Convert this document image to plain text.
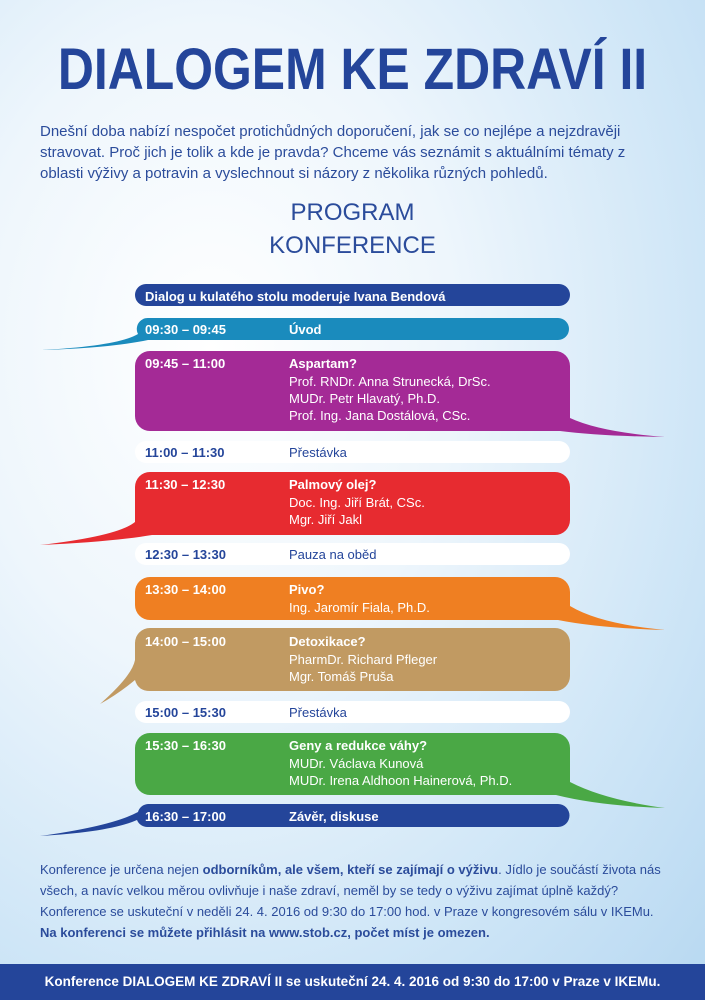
DIALOGEM KE ZDRAVÍ II
Dnešní doba nabízí nespočet protichůdných doporučení, jak se co nejlépe a nejzdravěji stravovat. Proč jich je tolik a kde je pravda? Chceme vás seznámit s aktuálními tématy z oblasti výživy a potravin a vyslechnout si názory z několika různých pohledů.
PROGRAM
KONFERENCE
Dialog u kulatého stolu moderuje Ivana Bendová
09:30 – 09:45	Úvod
09:45 – 11:00	Aspartam?
Prof. RNDr. Anna Strunecká, DrSc.
MUDr. Petr Hlavatý, Ph.D.
Prof. Ing. Jana Dostálová, CSc.
11:00 – 11:30	Přestávka
11:30 – 12:30	Palmový olej?
Doc. Ing. Jiří Brát, CSc.
Mgr. Jiří Jakl
12:30 – 13:30	Pauza na oběd
13:30 – 14:00	Pivo?
Ing. Jaromír Fiala, Ph.D.
14:00 – 15:00	Detoxikace?
PharmDr. Richard Pfleger
Mgr. Tomáš Pruša
15:00 – 15:30	Přestávka
15:30 – 16:30	Geny a redukce váhy?
MUDr. Václava Kunová
MUDr. Irena Aldhoon Hainerová, Ph.D.
16:30 – 17:00	Závěr, diskuse
Konference je určena nejen odborníkům, ale všem, kteří se zajímají o výživu. Jídlo je součástí života nás všech, a navíc velkou měrou ovlivňuje i naše zdraví, neměl by se tedy o výživu zajímat úplně každý?
Konference se uskuteční v neděli 24. 4. 2016 od 9:30 do 17:00 hod. v Praze v kongresovém sálu v IKEMu.
Na konferenci se můžete přihlásit na www.stob.cz, počet míst je omezen.
Konference DIALOGEM KE ZDRAVÍ II se uskuteční 24. 4. 2016 od 9:30 do 17:00 v Praze v IKEMu.
